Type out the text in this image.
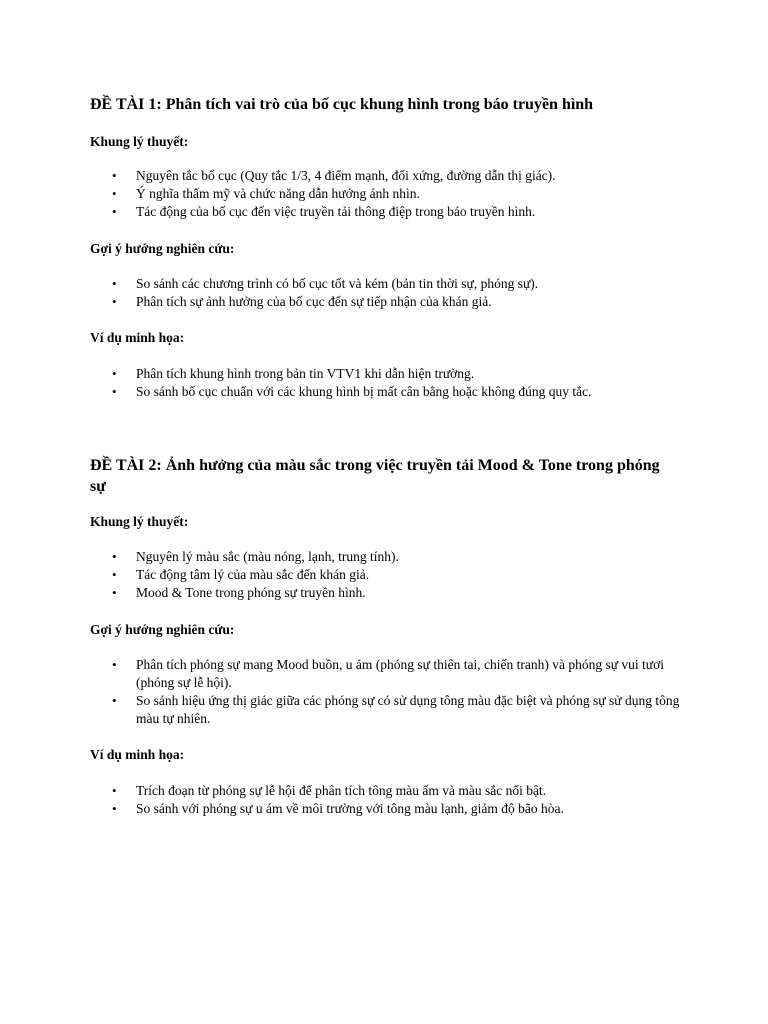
ĐỀ TÀI 1: Phân tích vai trò của bố cục khung hình trong báo truyền hình

Khung lý thuyết:

• Nguyên tắc bố cục (Quy tắc 1/3, 4 điểm mạnh, đối xứng, đường dẫn thị giác).
• Ý nghĩa thẩm mỹ và chức năng dẫn hướng ánh nhìn.
• Tác động của bố cục đến việc truyền tải thông điệp trong báo truyền hình.

Gợi ý hướng nghiên cứu:

• So sánh các chương trình có bố cục tốt và kém (bản tin thời sự, phóng sự).
• Phân tích sự ảnh hưởng của bố cục đến sự tiếp nhận của khán giả.

Ví dụ minh họa:

• Phân tích khung hình trong bản tin VTV1 khi dẫn hiện trường.
• So sánh bố cục chuẩn với các khung hình bị mất cân bằng hoặc không đúng quy tắc.
ĐỀ TÀI 2: Ảnh hưởng của màu sắc trong việc truyền tải Mood & Tone trong phóng sự

Khung lý thuyết:

• Nguyên lý màu sắc (màu nóng, lạnh, trung tính).
• Tác động tâm lý của màu sắc đến khán giả.
• Mood & Tone trong phóng sự truyền hình.

Gợi ý hướng nghiên cứu:

• Phân tích phóng sự mang Mood buồn, u ám (phóng sự thiên tai, chiến tranh) và phóng sự vui tươi (phóng sự lễ hội).
• So sánh hiệu ứng thị giác giữa các phóng sự có sử dụng tông màu đặc biệt và phóng sự sử dụng tông màu tự nhiên.

Ví dụ minh họa:

• Trích đoạn từ phóng sự lễ hội để phân tích tông màu ấm và màu sắc nổi bật.
• So sánh với phóng sự u ám về môi trường với tông màu lạnh, giảm độ bão hòa.
